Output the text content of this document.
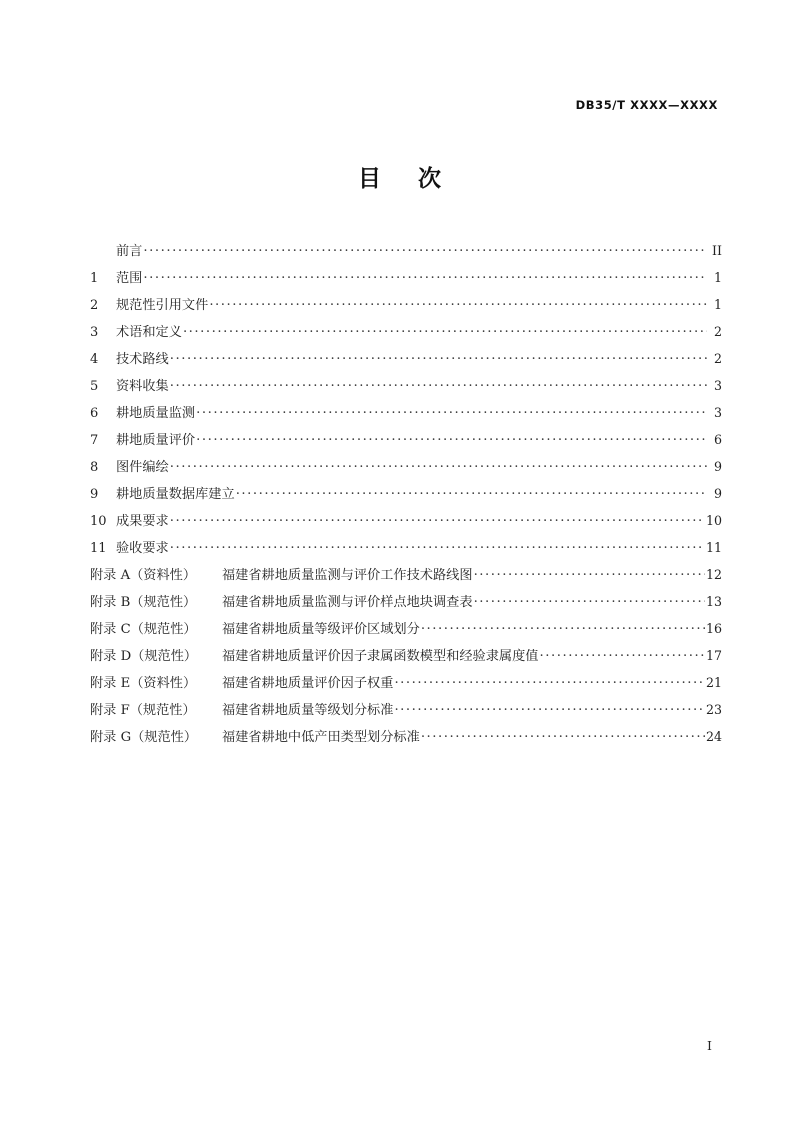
DB35/T XXXX—XXXX
目    次
前言 .....	II
1	范围 .....	1
2	规范性引用文件 .....	1
3	术语和定义 .....	2
4	技术路线 .....	2
5	资料收集 .....	3
6	耕地质量监测 .....	3
7	耕地质量评价 .....	6
8	图件编绘 .....	9
9	耕地质量数据库建立 .....	9
10 成果要求 .....	10
11 验收要求 .....	11
附录 A（资料性）	福建省耕地质量监测与评价工作技术路线图 .....	12
附录 B（规范性）	福建省耕地质量监测与评价样点地块调查表 .....	13
附录 C（规范性）	福建省耕地质量等级评价区域划分 .....	16
附录 D（规范性）	福建省耕地质量评价因子隶属函数模型和经验隶属度值 .....	17
附录 E（资料性）	福建省耕地质量评价因子权重 .....	21
附录 F（规范性）	福建省耕地质量等级划分标准 .....	23
附录 G（规范性）	福建省耕地中低产田类型划分标准 .....	24
I
